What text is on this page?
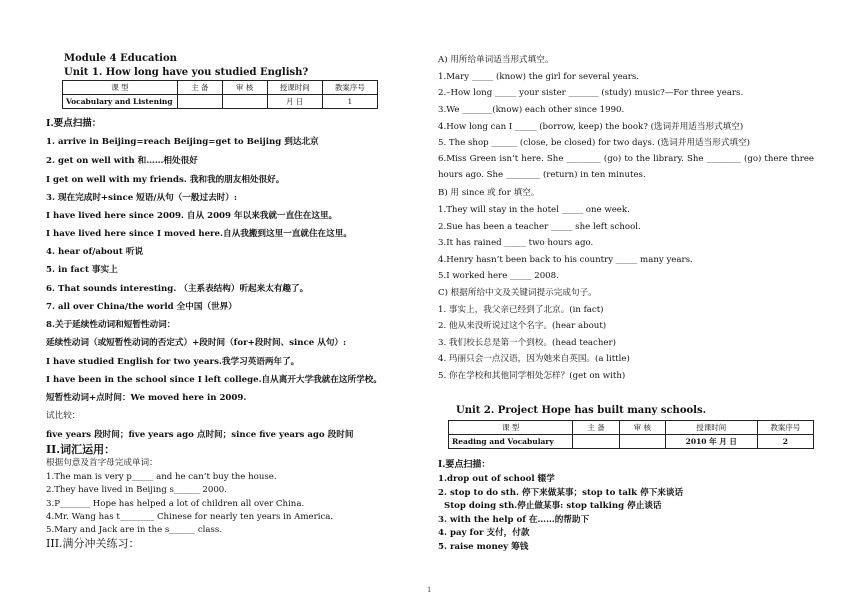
Module 4 Education
Unit 1. How long have you studied English?
课 型	主 备	审 核	授课时间	教案序号
Vocabulary and Listening			月 日	1
I.要点扫描：
1. arrive in Beijing=reach Beijing=get to Beijing 到达北京
2. get on well with 和……相处很好
I get on well with my friends. 我和我的朋友相处很好。
3. 现在完成时+since 短语/从句（一般过去时）:
I have lived here since 2009. 自从 2009 年以来我就一直住在这里。
I have lived here since I moved here.自从我搬到这里一直就住在这里。
4. hear of/about 听说
5. in fact 事实上
6. That sounds interesting. （主系表结构）听起来太有趣了。
7. all over China/the world 全中国（世界）
8.关于延续性动词和短暂性动词：
延续性动词（或短暂性动词的否定式）+段时间（for+段时间、since 从句）:
I have studied English for two years.我学习英语两年了。
I have been in the school since I left college.自从离开大学我就在这所学校。
短暂性动词+点时间：We moved here in 2009.
试比较：
five years 段时间；five years ago 点时间；since five years ago 段时间
II.词汇运用：
根据句意及首字母完成单词：
1.The man is very p_____ and he can’t buy the house.
2.They have lived in Beijing s______ 2000.
3.P_______ Hope has helped a lot of children all over China.
4.Mr. Wang has t________ Chinese for nearly ten years in America.
5.Mary and Jack are in the s______ class.
III.满分冲关练习：
A) 用所给单词适当形式填空。
1.Mary _____ (know) the girl for several years.
2.–How long _____ your sister _______ (study) music?—For three years.
3.We _______(know) each other since 1990.
4.How long can I _____ (borrow, keep) the book? (选词并用适当形式填空)
5. The shop ______ (close, be closed) for two days. (选词并用适当形式填空)
6.Miss Green isn’t here. She ________ (go) to the library. She ________ (go) there three hours ago. She ________ (return) in ten minutes.
B) 用 since 或 for 填空。
1.They will stay in the hotel _____ one week.
2.Sue has been a teacher _____ she left school.
3.It has rained _____ two hours ago.
4.Henry hasn’t been back to his country _____ many years.
5.I worked here _____ 2008.
C) 根据所给中文及关键词提示完成句子。
1. 事实上，我父亲已经到了北京。(in fact)
2. 他从来没听说过这个名字。(hear about)
3. 我们校长总是第一个到校。(head teacher)
4. 玛丽只会一点汉语，因为她来自英国。(a little)
5. 你在学校和其他同学相处怎样？(get on with)
Unit 2. Project Hope has built many schools.
课 型	主 备	审 核	授课时间	教案序号
Reading and Vocabulary			2010 年 月 日	2
I.要点扫描：
1.drop out of school 辍学
2. stop to do sth. 停下来做某事；stop to talk 停下来谈话
Stop doing sth.停止做某事: stop talking 停止谈话
3. with the help of 在……的帮助下
4. pay for 支付，付款
5. raise money 筹钱
1
